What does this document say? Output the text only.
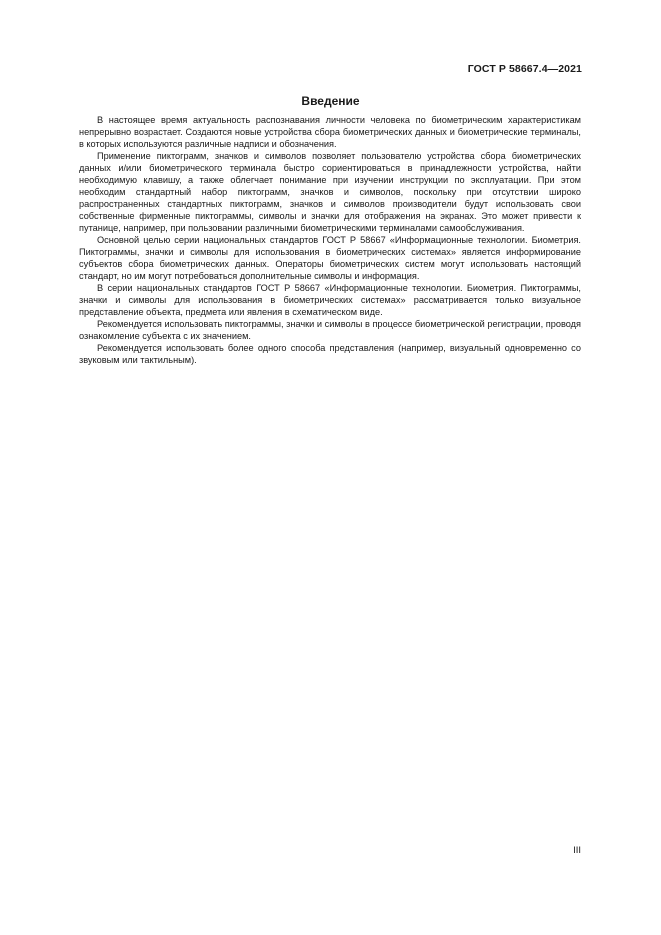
ГОСТ Р 58667.4—2021
Введение

В настоящее время актуальность распознавания личности человека по биометрическим характеристикам непрерывно возрастает. Создаются новые устройства сбора биометрических данных и биометрические терминалы, в которых используются различные надписи и обозначения.

Применение пиктограмм, значков и символов позволяет пользователю устройства сбора биометрических данных и/или биометрического терминала быстро сориентироваться в принадлежности устройства, найти необходимую клавишу, а также облегчает понимание при изучении инструкции по эксплуатации. При этом необходим стандартный набор пиктограмм, значков и символов, поскольку при отсутствии широко распространенных стандартных пиктограмм, значков и символов производители будут использовать свои собственные фирменные пиктограммы, символы и значки для отображения на экранах. Это может привести к путанице, например, при пользовании различными биометрическими терминалами самообслуживания.

Основной целью серии национальных стандартов ГОСТ Р 58667 «Информационные технологии. Биометрия. Пиктограммы, значки и символы для использования в биометрических системах» является информирование субъектов сбора биометрических данных. Операторы биометрических систем могут использовать настоящий стандарт, но им могут потребоваться дополнительные символы и информация.

В серии национальных стандартов ГОСТ Р 58667 «Информационные технологии. Биометрия. Пиктограммы, значки и символы для использования в биометрических системах» рассматривается только визуальное представление объекта, предмета или явления в схематическом виде.

Рекомендуется использовать пиктограммы, значки и символы в процессе биометрической регистрации, проводя ознакомление субъекта с их значением.

Рекомендуется использовать более одного способа представления (например, визуальный одновременно со звуковым или тактильным).

III
